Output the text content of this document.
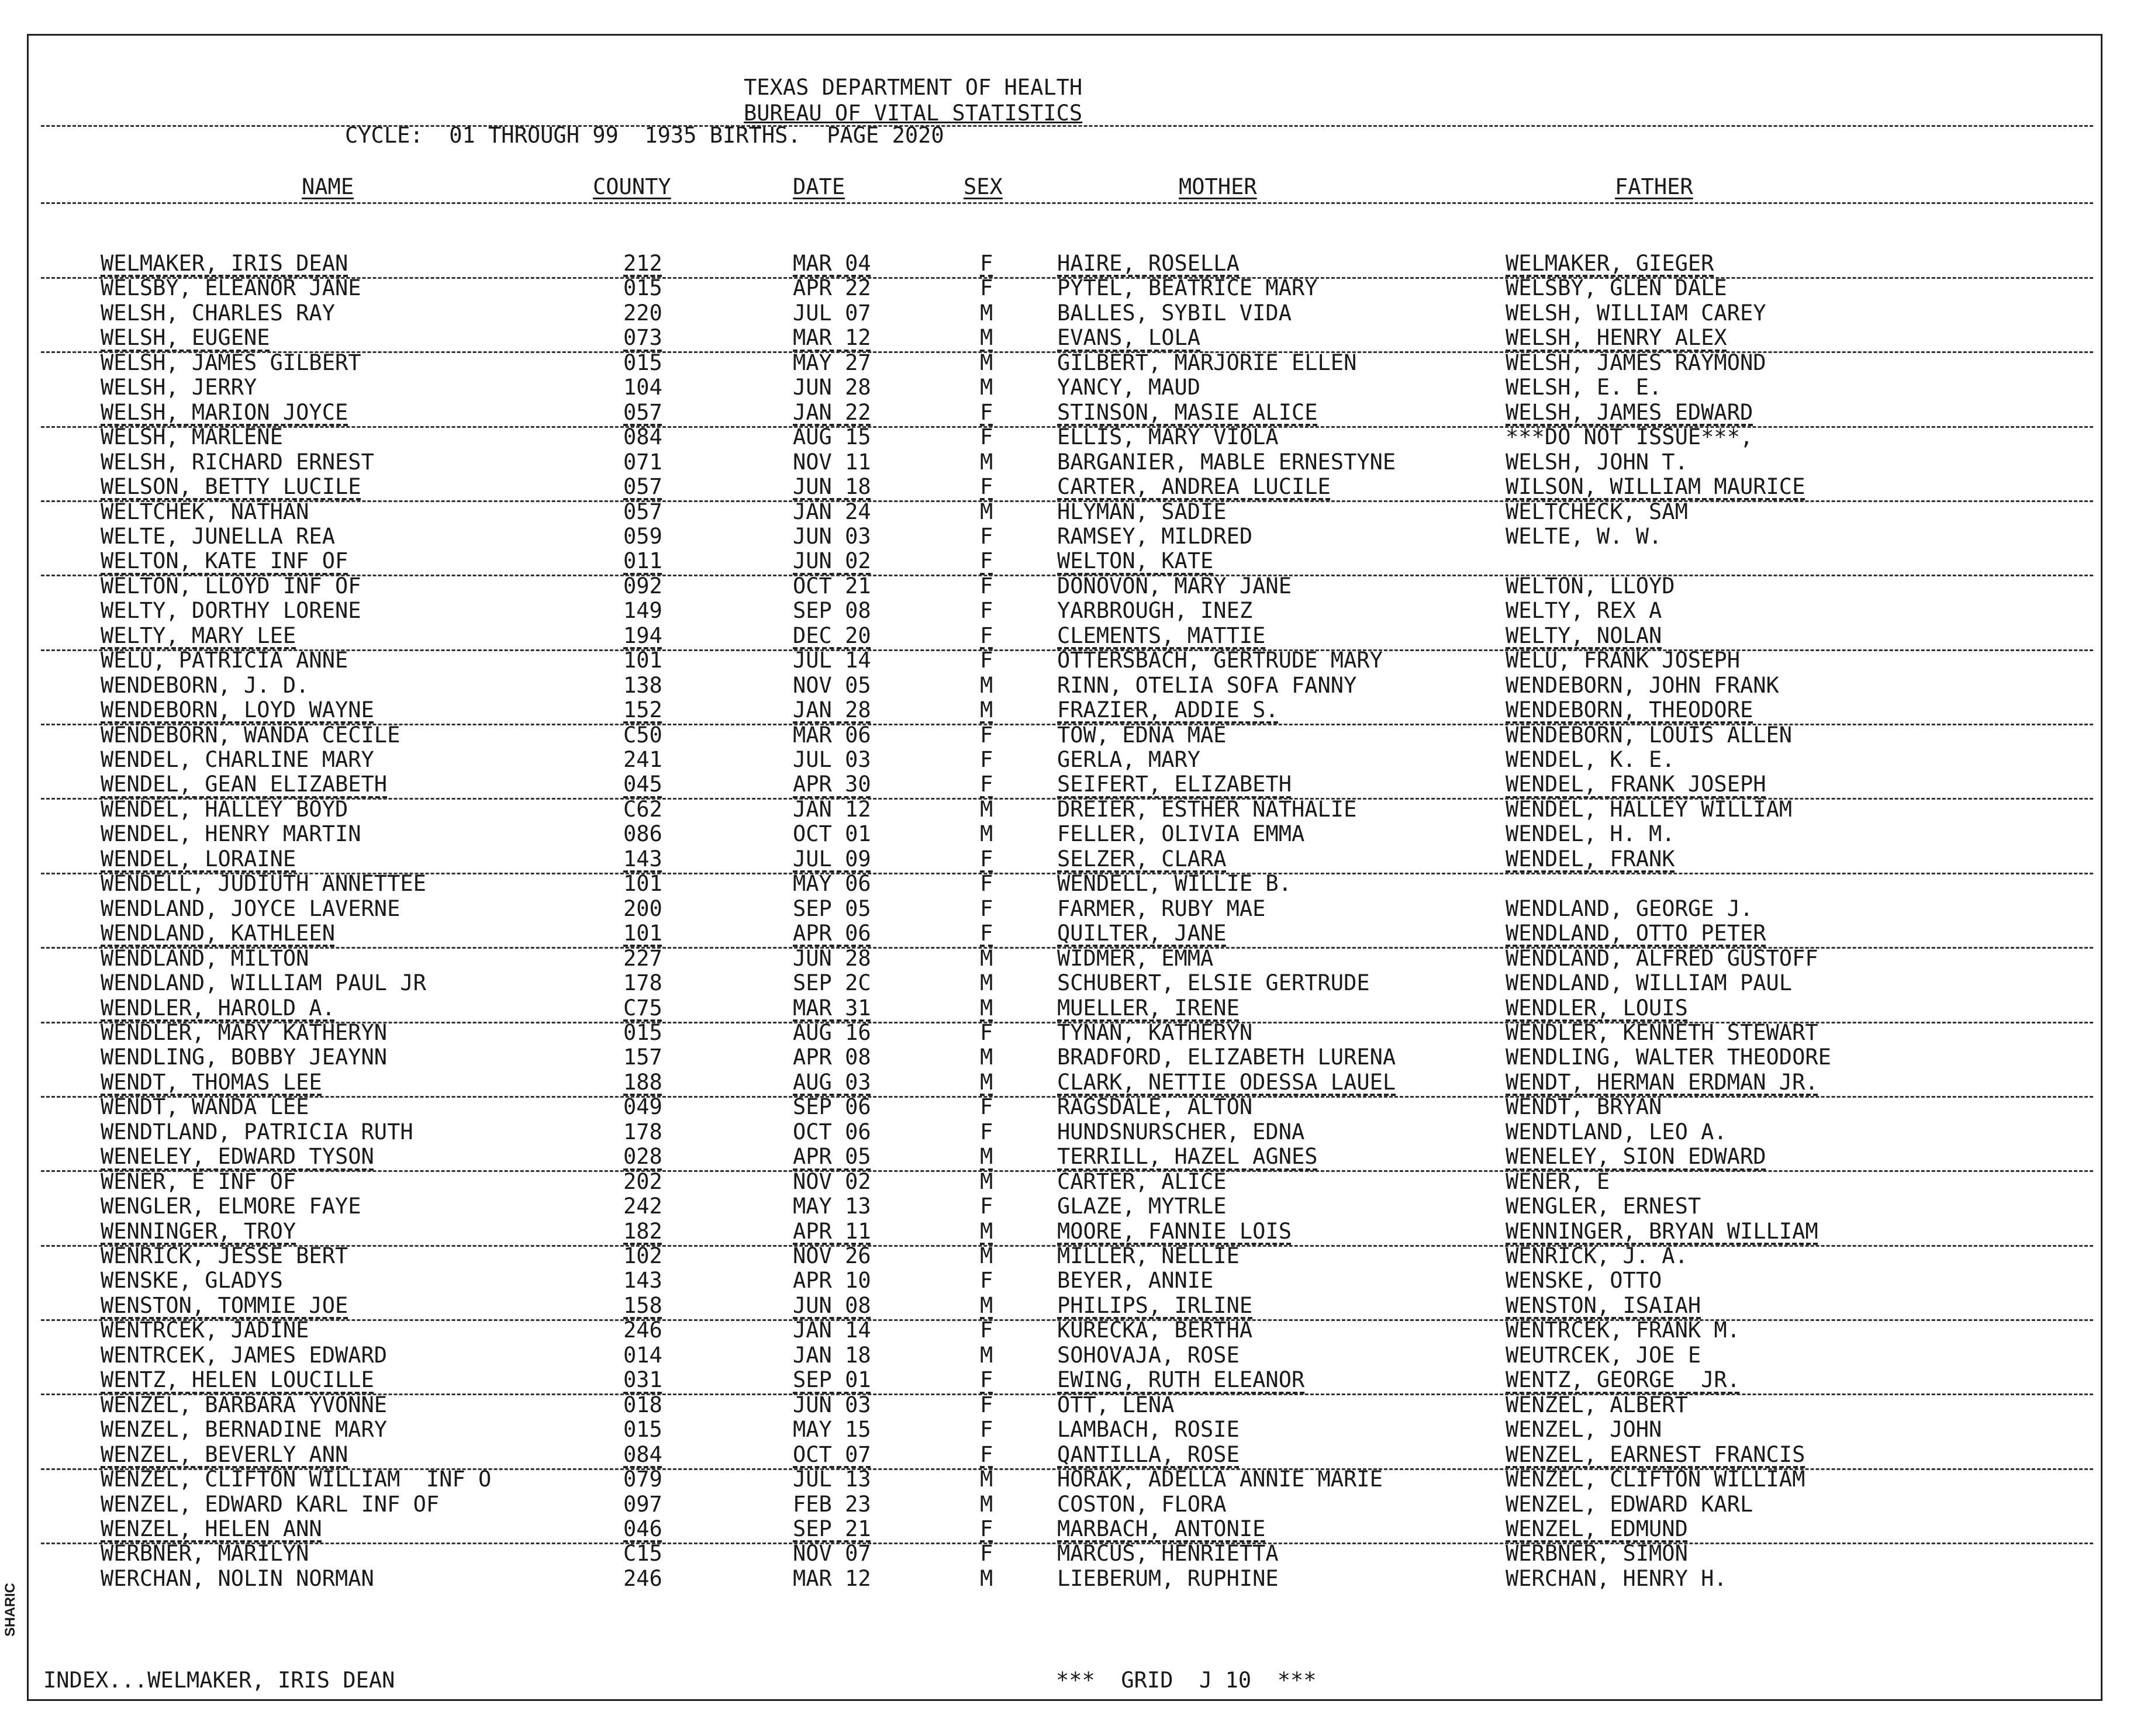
TEXAS DEPARTMENT OF HEALTH
BUREAU OF VITAL STATISTICS
CYCLE:  01 THROUGH 99  1935 BIRTHS.  PAGE 2020
NAME	COUNTY	DATE	SEX	MOTHER	FATHER
WELMAKER, IRIS DEAN	212	MAR 04	F	HAIRE, ROSELLA	WELMAKER, GIEGER
WELSBY, ELEANOR JANE	015	APR 22	F	PYTEL, BEATRICE MARY	WELSBY, GLEN DALE
WELSH, CHARLES RAY	220	JUL 07	M	BALLES, SYBIL VIDA	WELSH, WILLIAM CAREY
WELSH, EUGENE	073	MAR 12	M	EVANS, LOLA	WELSH, HENRY ALEX
WELSH, JAMES GILBERT	015	MAY 27	M	GILBERT, MARJORIE ELLEN	WELSH, JAMES RAYMOND
WELSH, JERRY	104	JUN 28	M	YANCY, MAUD	WELSH, E. E.
WELSH, MARION JOYCE	057	JAN 22	F	STINSON, MASIE ALICE	WELSH, JAMES EDWARD
WELSH, MARLENE	084	AUG 15	F	ELLIS, MARY VIOLA	***DO NOT ISSUE***,
WELSH, RICHARD ERNEST	071	NOV 11	M	BARGANIER, MABLE ERNESTYNE	WELSH, JOHN T.
WELSON, BETTY LUCILE	057	JUN 18	F	CARTER, ANDREA LUCILE	WILSON, WILLIAM MAURICE
WELTCHEK, NATHAN	057	JAN 24	M	HLYMAN, SADIE	WELTCHECK, SAM
WELTE, JUNELLA REA	059	JUN 03	F	RAMSEY, MILDRED	WELTE, W. W.
WELTON, KATE INF OF	011	JUN 02	F	WELTON, KATE
WELTON, LLOYD INF OF	092	OCT 21	F	DONOVON, MARY JANE	WELTON, LLOYD
WELTY, DORTHY LORENE	149	SEP 08	F	YARBROUGH, INEZ	WELTY, REX A
WELTY, MARY LEE	194	DEC 20	F	CLEMENTS, MATTIE	WELTY, NOLAN
WELU, PATRICIA ANNE	101	JUL 14	F	OTTERSBACH, GERTRUDE MARY	WELU, FRANK JOSEPH
WENDEBORN, J. D.	138	NOV 05	M	RINN, OTELIA SOFA FANNY	WENDEBORN, JOHN FRANK
WENDEBORN, LOYD WAYNE	152	JAN 28	M	FRAZIER, ADDIE S.	WENDEBORN, THEODORE
WENDEBORN, WANDA CECILE	C50	MAR 06	F	TOW, EDNA MAE	WENDEBORN, LOUIS ALLEN
WENDEL, CHARLINE MARY	241	JUL 03	F	GERLA, MARY	WENDEL, K. E.
WENDEL, GEAN ELIZABETH	045	APR 30	F	SEIFERT, ELIZABETH	WENDEL, FRANK JOSEPH
WENDEL, HALLEY BOYD	C62	JAN 12	M	DREIER, ESTHER NATHALIE	WENDEL, HALLEY WILLIAM
WENDEL, HENRY MARTIN	086	OCT 01	M	FELLER, OLIVIA EMMA	WENDEL, H. M.
WENDEL, LORAINE	143	JUL 09	F	SELZER, CLARA	WENDEL, FRANK
WENDELL, JUDIUTH ANNETTEE	101	MAY 06	F	WENDELL, WILLIE B.
WENDLAND, JOYCE LAVERNE	200	SEP 05	F	FARMER, RUBY MAE	WENDLAND, GEORGE J.
WENDLAND, KATHLEEN	101	APR 06	F	QUILTER, JANE	WENDLAND, OTTO PETER
WENDLAND, MILTON	227	JUN 28	M	WIDMER, EMMA	WENDLAND, ALFRED GUSTOFF
WENDLAND, WILLIAM PAUL JR	178	SEP 2C	M	SCHUBERT, ELSIE GERTRUDE	WENDLAND, WILLIAM PAUL
WENDLER, HAROLD A.	C75	MAR 31	M	MUELLER, IRENE	WENDLER, LOUIS
WENDLER, MARY KATHERYN	015	AUG 16	F	TYNAN, KATHERYN	WENDLER, KENNETH STEWART
WENDLING, BOBBY JEAYNN	157	APR 08	M	BRADFORD, ELIZABETH LURENA	WENDLING, WALTER THEODORE
WENDT, THOMAS LEE	188	AUG 03	M	CLARK, NETTIE ODESSA LAUEL	WENDT, HERMAN ERDMAN JR.
WENDT, WANDA LEE	049	SEP 06	F	RAGSDALE, ALTON	WENDT, BRYAN
WENDTLAND, PATRICIA RUTH	178	OCT 06	F	HUNDSNURSCHER, EDNA	WENDTLAND, LEO A.
WENELEY, EDWARD TYSON	028	APR 05	M	TERRILL, HAZEL AGNES	WENELEY, SION EDWARD
WENER, E INF OF	202	NOV 02	M	CARTER, ALICE	WENER, E
WENGLER, ELMORE FAYE	242	MAY 13	F	GLAZE, MYTRLE	WENGLER, ERNEST
WENNINGER, TROY	182	APR 11	M	MOORE, FANNIE LOIS	WENNINGER, BRYAN WILLIAM
WENRICK, JESSE BERT	102	NOV 26	M	MILLER, NELLIE	WENRICK, J. A.
WENSKE, GLADYS	143	APR 10	F	BEYER, ANNIE	WENSKE, OTTO
WENSTON, TOMMIE JOE	158	JUN 08	M	PHILIPS, IRLINE	WENSTON, ISAIAH
WENTRCEK, JADINE	246	JAN 14	F	KURECKA, BERTHA	WENTRCEK, FRANK M.
WENTRCEK, JAMES EDWARD	014	JAN 18	M	SOHOVAJA, ROSE	WEUTRCEK, JOE E
WENTZ, HELEN LOUCILLE	031	SEP 01	F	EWING, RUTH ELEANOR	WENTZ, GEORGE  JR.
WENZEL, BARBARA YVONNE	018	JUN 03	F	OTT, LENA	WENZEL, ALBERT
WENZEL, BERNADINE MARY	015	MAY 15	F	LAMBACH, ROSIE	WENZEL, JOHN
WENZEL, BEVERLY ANN	084	OCT 07	F	QANTILLA, ROSE	WENZEL, EARNEST FRANCIS
WENZEL, CLIFTON WILLIAM  INF O	079	JUL 13	M	HORAK, ADELLA ANNIE MARIE	WENZEL, CLIFTON WILLIAM
WENZEL, EDWARD KARL INF OF	097	FEB 23	M	COSTON, FLORA	WENZEL, EDWARD KARL
WENZEL, HELEN ANN	046	SEP 21	F	MARBACH, ANTONIE	WENZEL, EDMUND
WERBNER, MARILYN	C15	NOV 07	F	MARCUS, HENRIETTA	WERBNER, SIMON
WERCHAN, NOLIN NORMAN	246	MAR 12	M	LIEBERUM, RUPHINE	WERCHAN, HENRY H.
INDEX...WELMAKER, IRIS DEAN	***  GRID  J 10  ***
SHARIC
